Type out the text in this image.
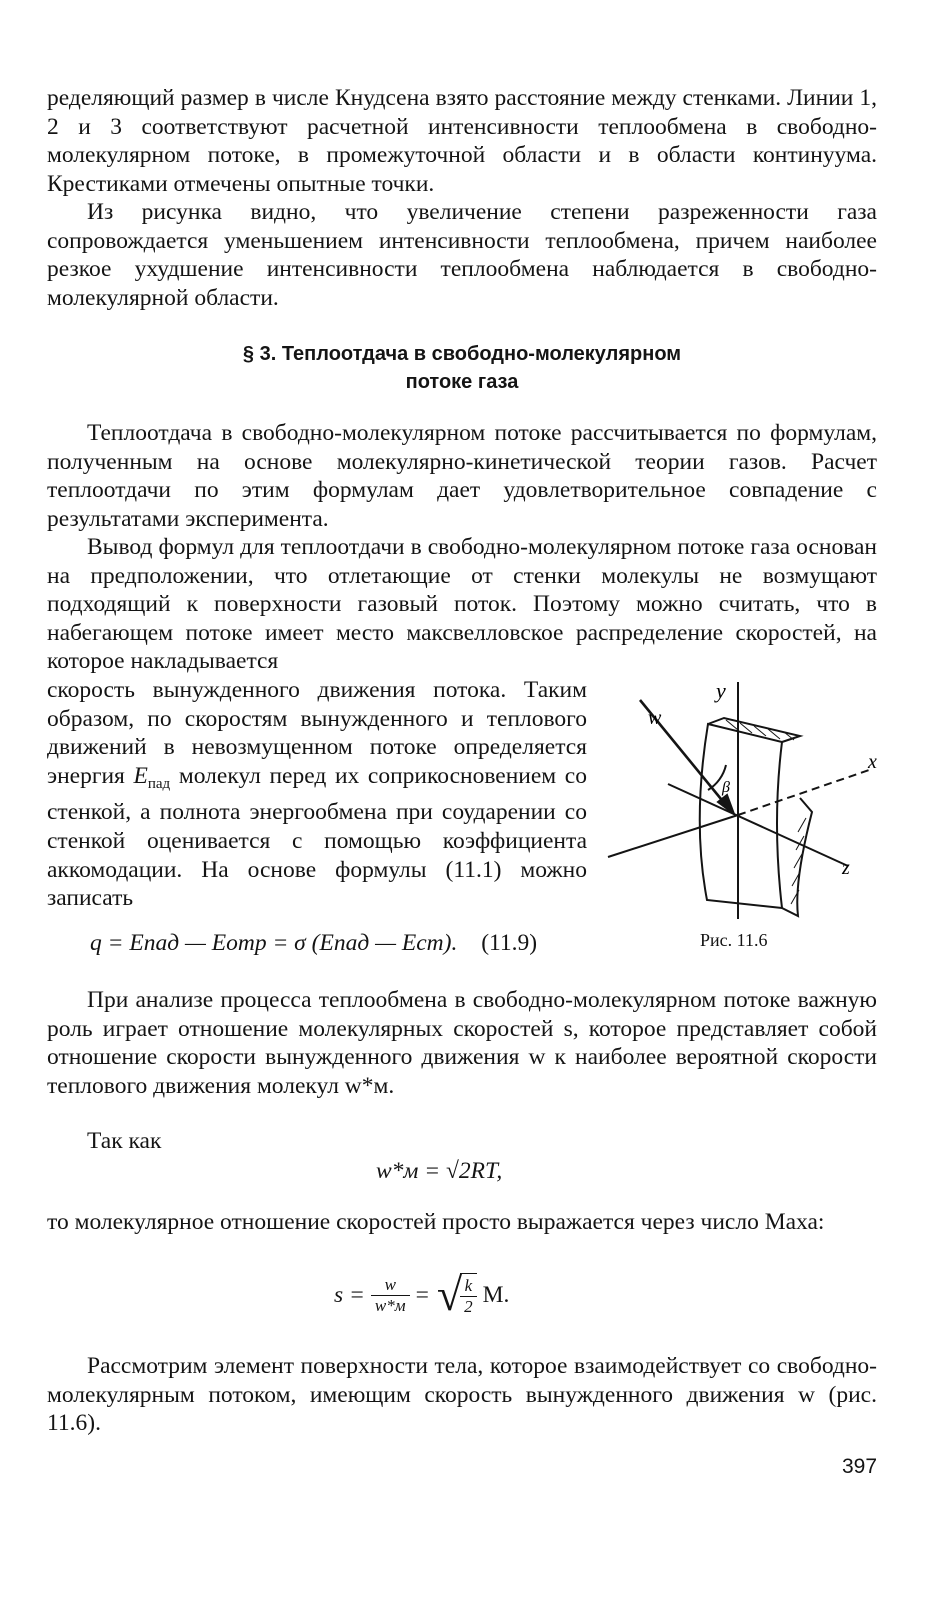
ределяющий размер в числе Кнудсена взято расстояние между стенками. Линии 1, 2 и 3 соответствуют расчетной интенсивности теплообмена в свободно-молекулярном потоке, в промежуточной области и в области континуума. Крестиками отмечены опытные точки.

Из рисунка видно, что увеличение степени разреженности газа сопровождается уменьшением интенсивности теплообмена, причем наиболее резкое ухудшение интенсивности теплообмена наблюдается в свободно-молекулярной области.

§ 3. Теплоотдача в свободно-молекулярном
потоке газа

Теплоотдача в свободно-молекулярном потоке рассчитывается по формулам, полученным на основе молекулярно-кинетической теории газов. Расчет теплоотдачи по этим формулам дает удовлетворительное совпадение с результатами эксперимента.

Вывод формул для теплоотдачи в свободно-молекулярном потоке газа основан на предположении, что отлетающие от стенки молекулы не возмущают подходящий к поверхности газовый поток. Поэтому можно считать, что в набегающем потоке имеет место максвелловское распределение скоростей, на которое накладывается

скорость вынужденного движения потока. Таким образом, по скоростям вынужденного и теплового движений в невозмущенном потоке определяется энергия $E_{пад}$ молекул перед их соприкосновением со стенкой, а полнота энергообмена при соударении со стенкой оценивается с помощью коэффициента аккомодации. На основе формулы (11.1) можно записать

q = Eпад — Eотр = σ (Eпад — Eст). (11.9)
y
w
x
z
β
Рис. 11.6

При анализе процесса теплообмена в свободно-молекулярном потоке важную роль играет отношение молекулярных скоростей s, которое представляет собой отношение скорости вынужденного движения w к наиболее вероятной скорости теплового движения молекул w*м.

Так как

w*м = √2RT,

то молекулярное отношение скоростей просто выражается через число Маха:

$s = \frac{w}{w*м}$ = √
$\frac{k}{2} M$.

Рассмотрим элемент поверхности тела, которое взаимодействует со свободно-молекулярным потоком, имеющим скорость вынужденного движения w (рис. 11.6).

397
